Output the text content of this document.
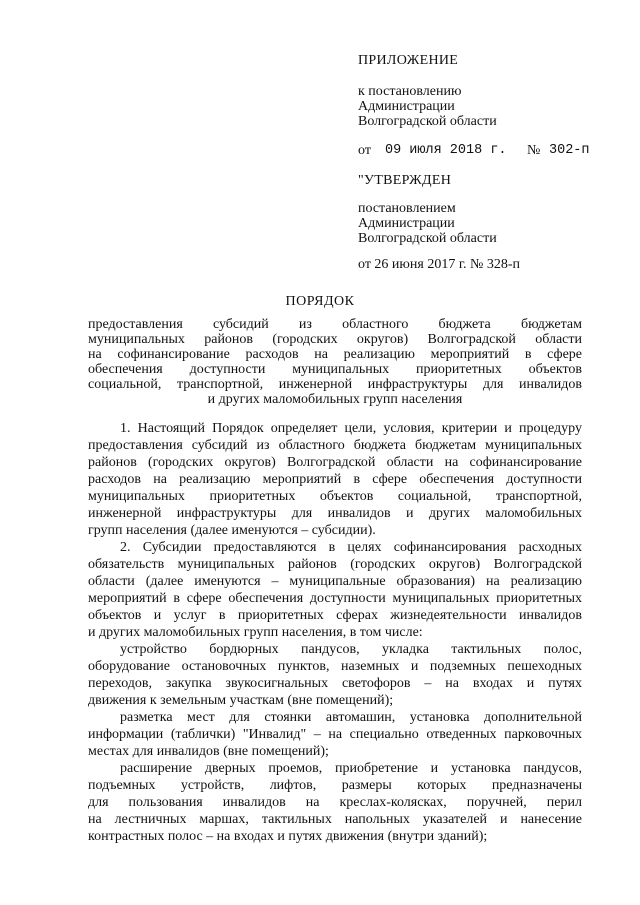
ПРИЛОЖЕНИЕ
к постановлению
Администрации
Волгоградской области
от 09 июля 2018 г. № 302-п
"УТВЕРЖДЕН
постановлением
Администрации
Волгоградской области
от 26 июня 2017 г. № 328-п
ПОРЯДОК
предоставления субсидий из областного бюджета бюджетам
муниципальных районов (городских округов) Волгоградской области
на софинансирование расходов на реализацию мероприятий в сфере
обеспечения доступности муниципальных приоритетных объектов
социальной, транспортной, инженерной инфраструктуры для инвалидов
и других маломобильных групп населения
1. Настоящий Порядок определяет цели, условия, критерии и процедуру
предоставления субсидий из областного бюджета бюджетам муниципальных
районов (городских округов) Волгоградской области на софинансирование
расходов на реализацию мероприятий в сфере обеспечения доступности
муниципальных приоритетных объектов социальной, транспортной,
инженерной инфраструктуры для инвалидов и других маломобильных
групп населения (далее именуются – субсидии).
2. Субсидии предоставляются в целях софинансирования расходных
обязательств муниципальных районов (городских округов) Волгоградской
области (далее именуются – муниципальные образования) на реализацию
мероприятий в сфере обеспечения доступности муниципальных приоритетных
объектов и услуг в приоритетных сферах жизнедеятельности инвалидов
и других маломобильных групп населения, в том числе:
устройство бордюрных пандусов, укладка тактильных полос,
оборудование остановочных пунктов, наземных и подземных пешеходных
переходов, закупка звукосигнальных светофоров – на входах и путях
движения к земельным участкам (вне помещений);
разметка мест для стоянки автомашин, установка дополнительной
информации (таблички) "Инвалид" – на специально отведенных парковочных
местах для инвалидов (вне помещений);
расширение дверных проемов, приобретение и установка пандусов,
подъемных устройств, лифтов, размеры которых предназначены
для пользования инвалидов на креслах-колясках, поручней, перил
на лестничных маршах, тактильных напольных указателей и нанесение
контрастных полос – на входах и путях движения (внутри зданий);
